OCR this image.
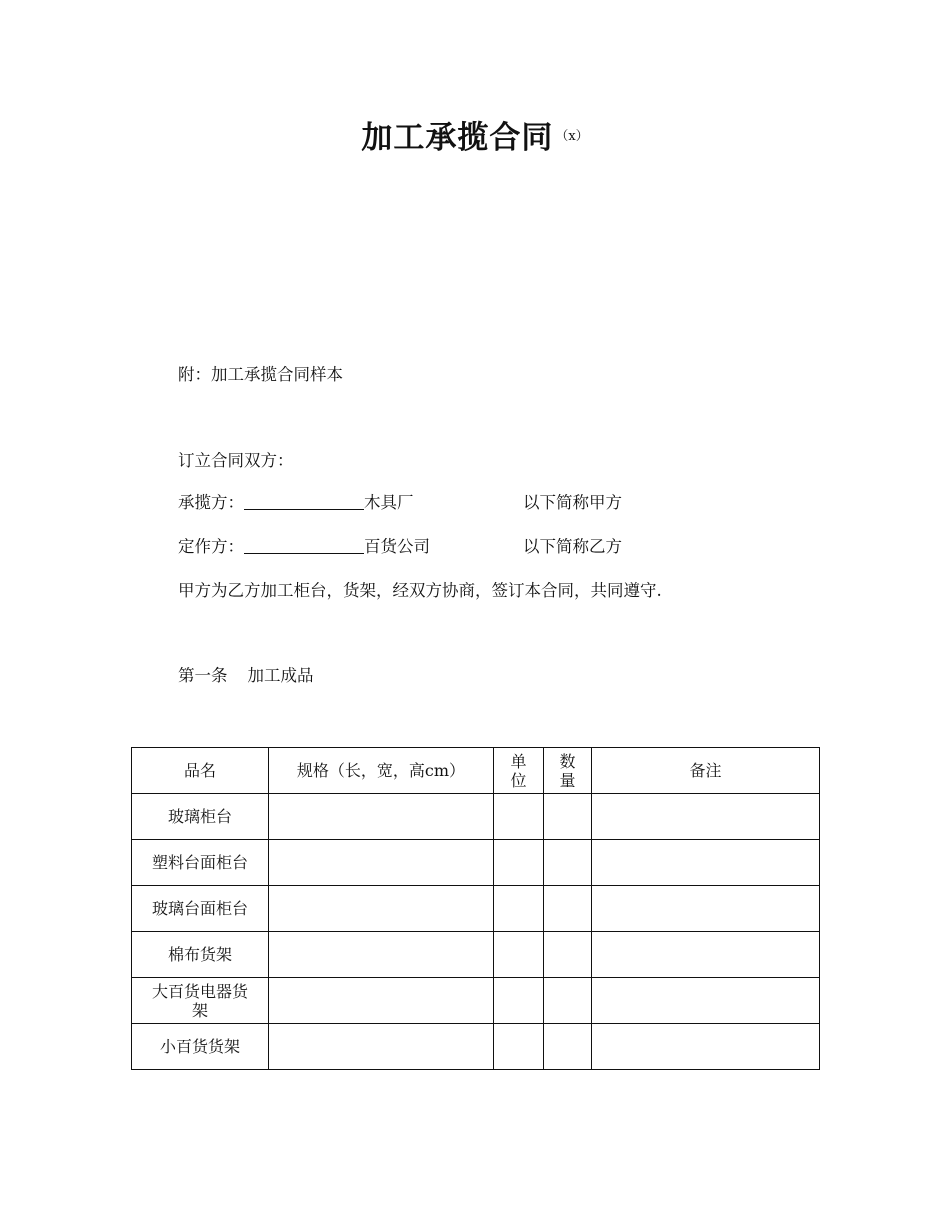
加工承揽合同 $^{(x)}$
附：加工承揽合同样本
订立合同双方：
承揽方：	木具厂	以下简称甲方
定作方：	百货公司	以下简称乙方
甲方为乙方加工柜台，货架，经双方协商，签订本合同，共同遵守.
第一条 加工成品
品名	规格（长，宽，高cm）	单位	数量	备注
玻璃柜台				
塑料台面柜台				
玻璃台面柜台				
棉布货架				
大百货电器货架				
小百货货架				
